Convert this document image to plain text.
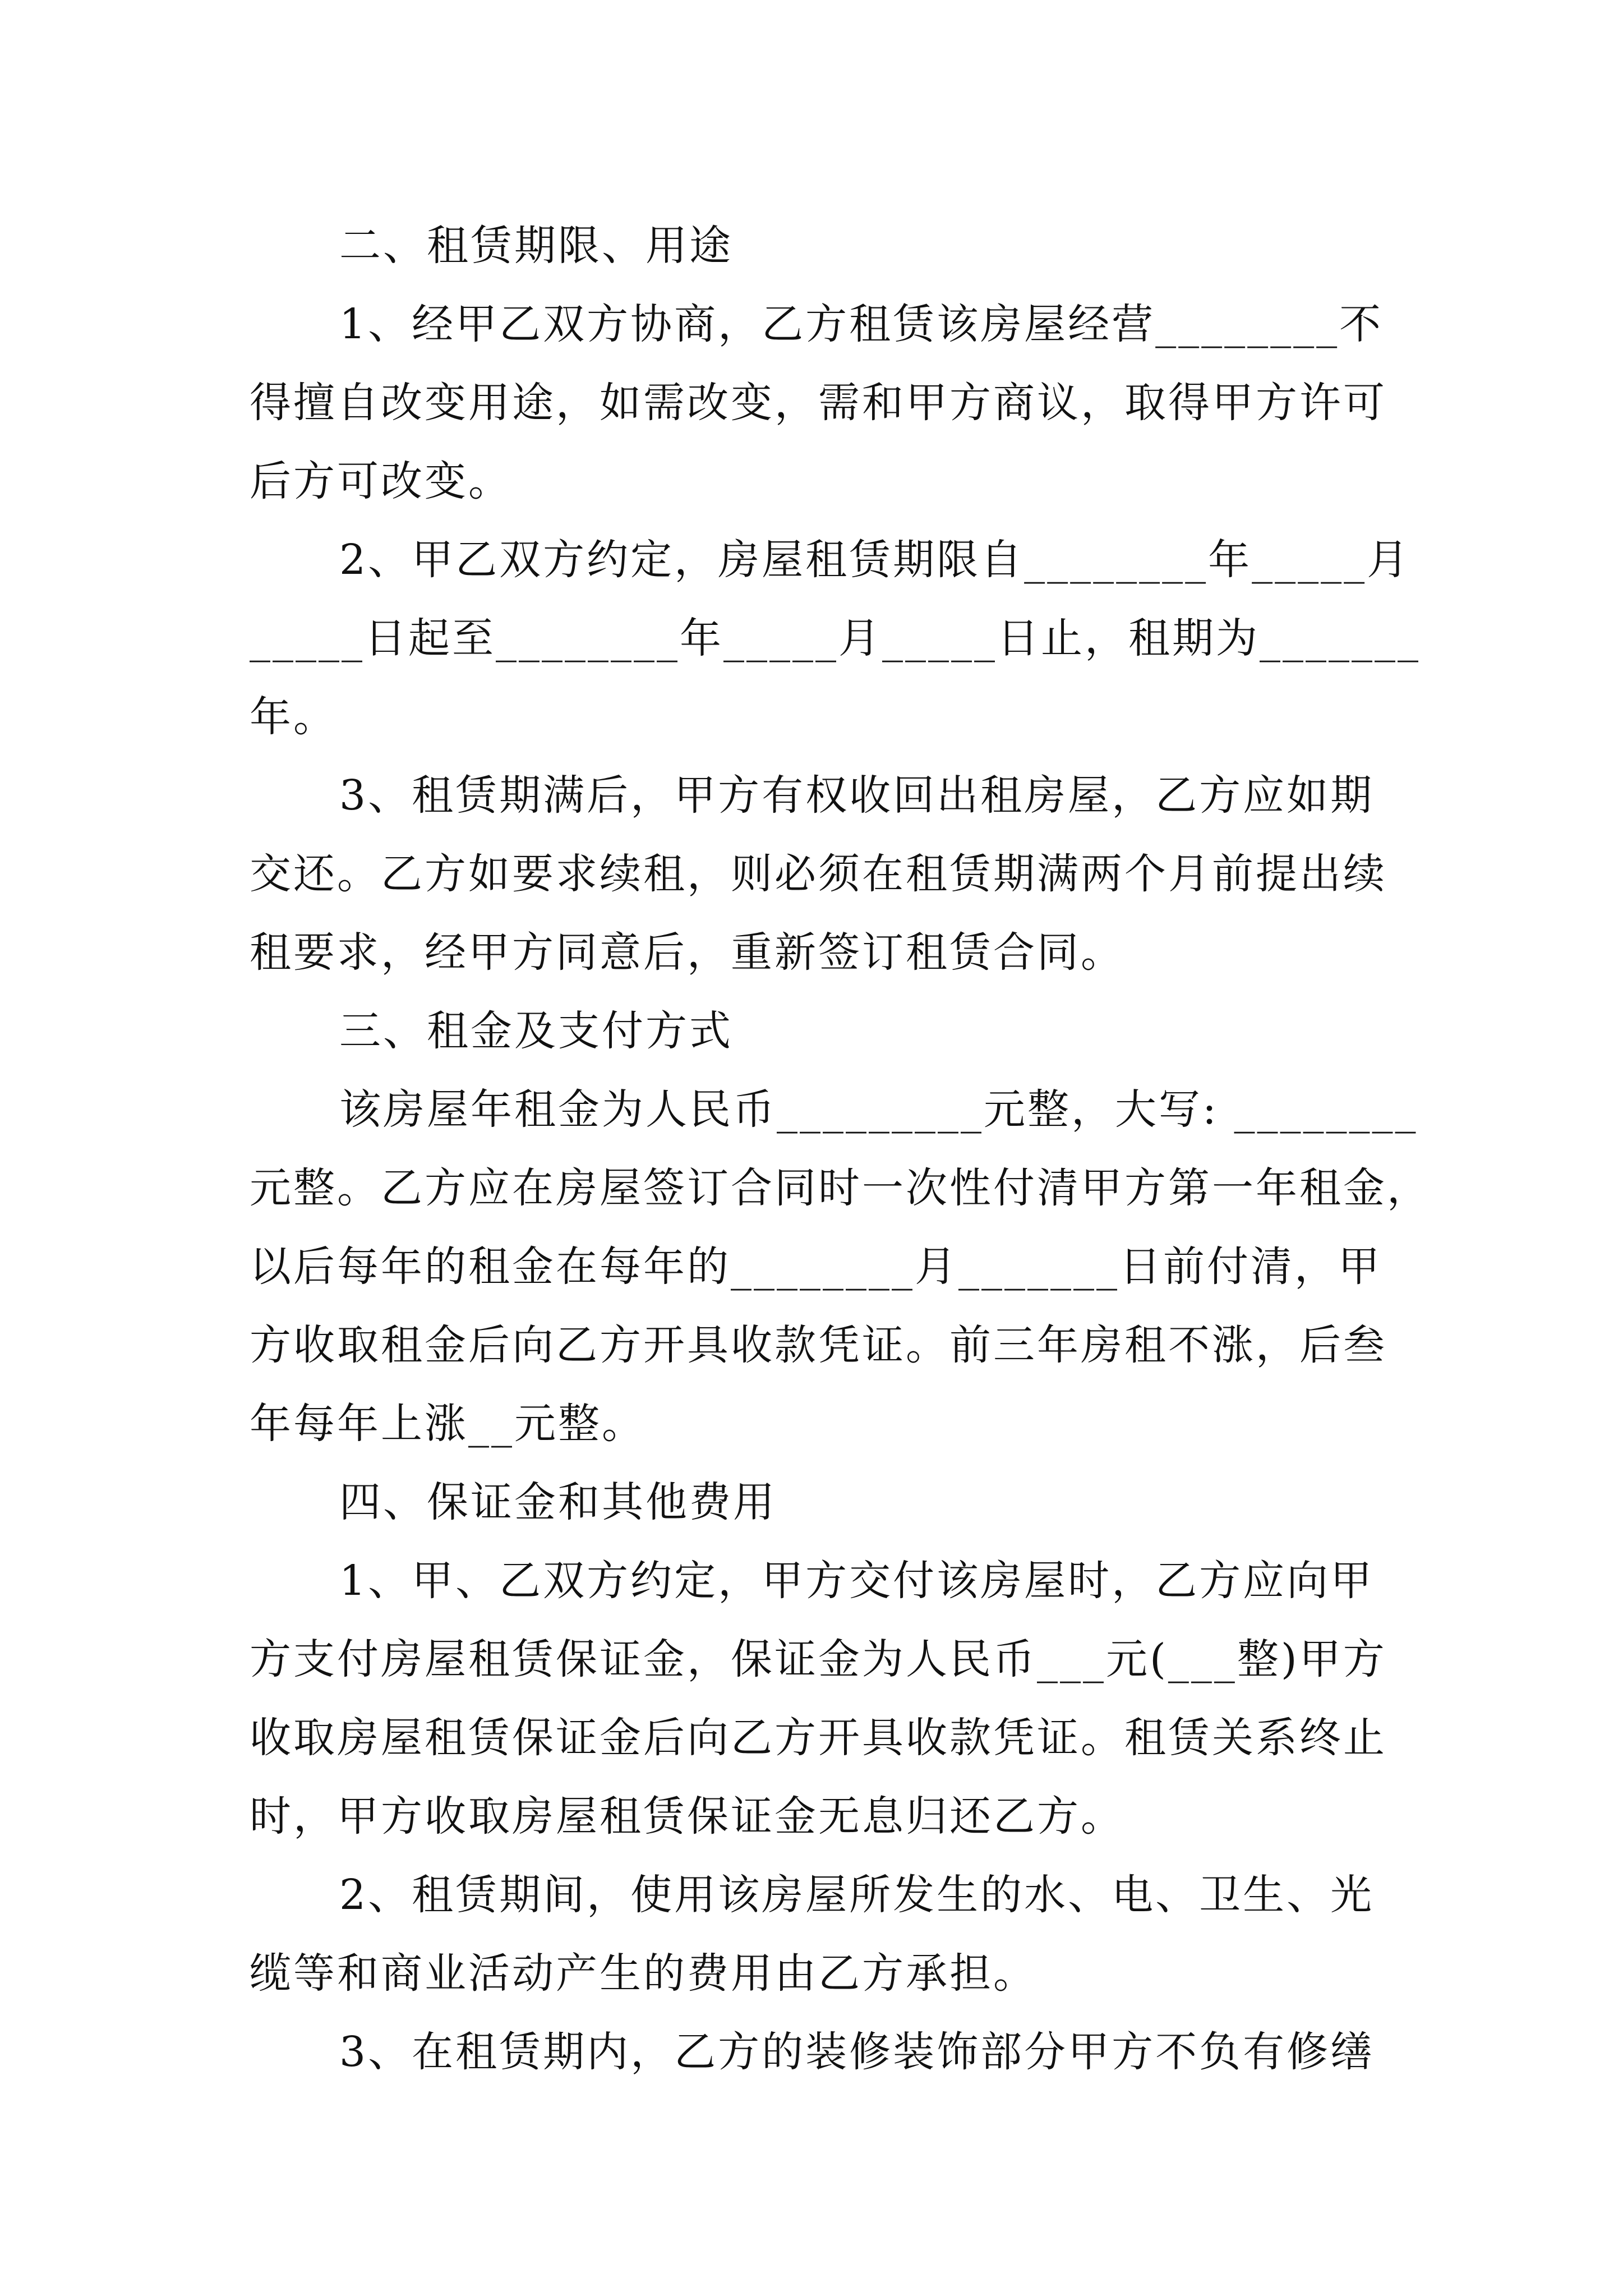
二、租赁期限、用途
1、经甲乙双方协商，乙方租赁该房屋经营________不
得擅自改变用途，如需改变，需和甲方商议，取得甲方许可
后方可改变。
2、甲乙双方约定，房屋租赁期限自________年_____月
_____日起至________年_____月_____日止，租期为_______
年。
3、租赁期满后，甲方有权收回出租房屋，乙方应如期
交还。乙方如要求续租，则必须在租赁期满两个月前提出续
租要求，经甲方同意后，重新签订租赁合同。
三、租金及支付方式
该房屋年租金为人民币_________元整，大写: ________
元整。乙方应在房屋签订合同时一次性付清甲方第一年租金，
以后每年的租金在每年的________月_______日前付清，甲
方收取租金后向乙方开具收款凭证。前三年房租不涨，后叁
年每年上涨__元整。
四、保证金和其他费用
1、甲、乙双方约定，甲方交付该房屋时，乙方应向甲
方支付房屋租赁保证金，保证金为人民币___元(___整)甲方
收取房屋租赁保证金后向乙方开具收款凭证。租赁关系终止
时，甲方收取房屋租赁保证金无息归还乙方。
2、租赁期间，使用该房屋所发生的水、电、卫生、光
缆等和商业活动产生的费用由乙方承担。
3、在租赁期内，乙方的装修装饰部分甲方不负有修缮
